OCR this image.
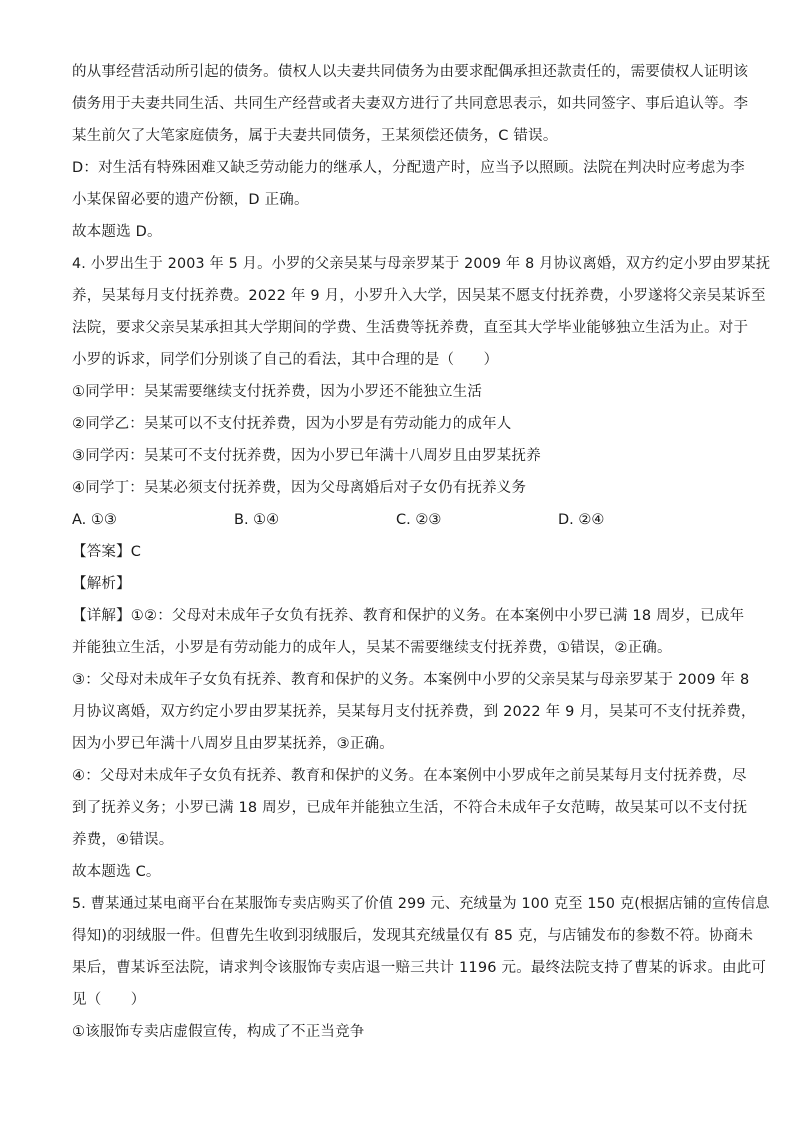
的从事经营活动所引起的债务。债权人以夫妻共同债务为由要求配偶承担还款责任的，需要债权人证明该
债务用于夫妻共同生活、共同生产经营或者夫妻双方进行了共同意思表示，如共同签字、事后追认等。李
某生前欠了大笔家庭债务，属于夫妻共同债务，王某须偿还债务，C 错误。
D：对生活有特殊困难又缺乏劳动能力的继承人，分配遗产时，应当予以照顾。法院在判决时应考虑为李
小某保留必要的遗产份额，D 正确。
故本题选 D。
4. 小罗出生于 2003 年 5 月。小罗的父亲吴某与母亲罗某于 2009 年 8 月协议离婚，双方约定小罗由罗某抚
养，吴某每月支付抚养费。2022 年 9 月，小罗升入大学，因吴某不愿支付抚养费，小罗遂将父亲吴某诉至
法院，要求父亲吴某承担其大学期间的学费、生活费等抚养费，直至其大学毕业能够独立生活为止。对于
小罗的诉求，同学们分别谈了自己的看法，其中合理的是（　　）
①同学甲：吴某需要继续支付抚养费，因为小罗还不能独立生活
②同学乙：吴某可以不支付抚养费，因为小罗是有劳动能力的成年人
③同学丙：吴某可不支付抚养费，因为小罗已年满十八周岁且由罗某抚养
④同学丁：吴某必须支付抚养费，因为父母离婚后对子女仍有抚养义务
A. ①③	B. ①④	C. ②③	D. ②④
【答案】C
【解析】
【详解】①②：父母对未成年子女负有抚养、教育和保护的义务。在本案例中小罗已满 18 周岁，已成年
并能独立生活，小罗是有劳动能力的成年人，吴某不需要继续支付抚养费，①错误，②正确。
③：父母对未成年子女负有抚养、教育和保护的义务。本案例中小罗的父亲吴某与母亲罗某于 2009 年 8
月协议离婚，双方约定小罗由罗某抚养，吴某每月支付抚养费，到 2022 年 9 月，吴某可不支付抚养费，
因为小罗已年满十八周岁且由罗某抚养，③正确。
④：父母对未成年子女负有抚养、教育和保护的义务。在本案例中小罗成年之前吴某每月支付抚养费，尽
到了抚养义务；小罗已满 18 周岁，已成年并能独立生活，不符合未成年子女范畴，故吴某可以不支付抚
养费，④错误。
故本题选 C。
5. 曹某通过某电商平台在某服饰专卖店购买了价值 299 元、充绒量为 100 克至 150 克(根据店铺的宣传信息
得知)的羽绒服一件。但曹先生收到羽绒服后，发现其充绒量仅有 85 克，与店铺发布的参数不符。协商未
果后，曹某诉至法院，请求判令该服饰专卖店退一赔三共计 1196 元。最终法院支持了曹某的诉求。由此可
见（　　）
①该服饰专卖店虚假宣传，构成了不正当竞争
